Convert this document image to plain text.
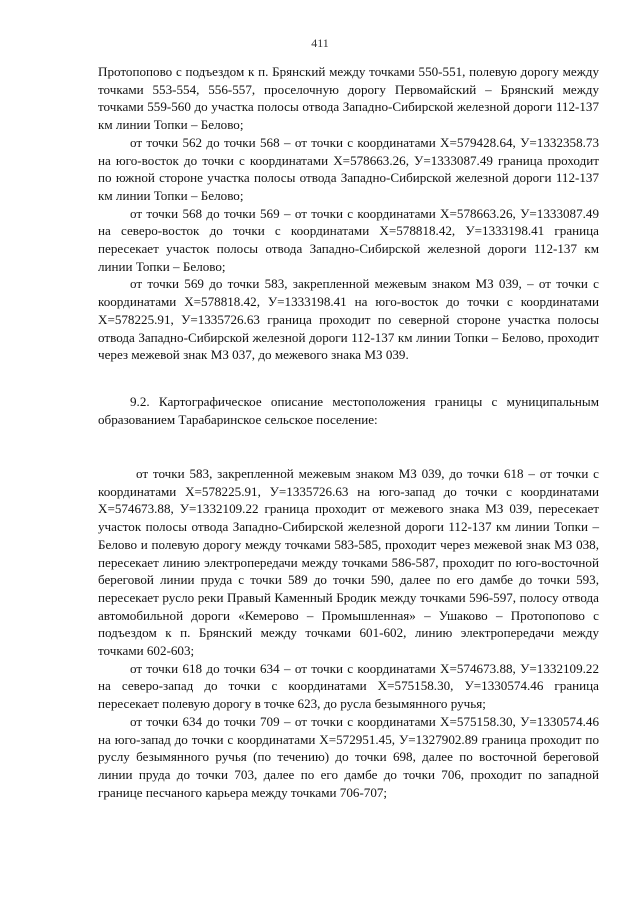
411

Протопопово с подъездом к п. Брянский между точками 550-551, полевую дорогу между точками 553-554, 556-557, проселочную дорогу Первомайский – Брянский между точками 559-560 до участка полосы отвода Западно-Сибирской железной дороги 112-137 км линии Топки – Белово;

от точки 562 до точки 568 – от точки с координатами Х=579428.64, У=1332358.73 на юго-восток до точки с координатами Х=578663.26, У=1333087.49 граница проходит по южной стороне участка полосы отвода Западно-Сибирской железной дороги 112-137 км линии Топки – Белово;

от точки 568 до точки 569 – от точки с координатами Х=578663.26, У=1333087.49 на северо-восток до точки с координатами Х=578818.42, У=1333198.41 граница пересекает участок полосы отвода Западно-Сибирской железной дороги 112-137 км линии Топки – Белово;

от точки 569 до точки 583, закрепленной межевым знаком МЗ 039, – от точки с координатами Х=578818.42, У=1333198.41 на юго-восток до точки с координатами Х=578225.91, У=1335726.63 граница проходит по северной стороне участка полосы отвода Западно-Сибирской железной дороги 112-137 км линии Топки – Белово, проходит через межевой знак МЗ 037, до межевого знака МЗ 039.

9.2. Картографическое описание местоположения границы с муниципальным образованием Тарабаринское сельское поселение:

от точки 583, закрепленной межевым знаком МЗ 039, до точки 618 – от точки с координатами Х=578225.91, У=1335726.63 на юго-запад до точки с координатами Х=574673.88, У=1332109.22 граница проходит от межевого знака МЗ 039, пересекает участок полосы отвода Западно-Сибирской железной дороги 112-137 км линии Топки – Белово и полевую дорогу между точками 583-585, проходит через межевой знак МЗ 038, пересекает линию электропередачи между точками 586-587, проходит по юго-восточной береговой линии пруда с точки 589 до точки 590, далее по его дамбе до точки 593, пересекает русло реки Правый Каменный Бродик между точками 596-597, полосу отвода автомобильной дороги «Кемерово – Промышленная» – Ушаково – Протопопово с подъездом к п. Брянский между точками 601-602, линию электропередачи между точками 602-603;

от точки 618 до точки 634 – от точки с координатами Х=574673.88, У=1332109.22 на северо-запад до точки с координатами Х=575158.30, У=1330574.46 граница пересекает полевую дорогу в точке 623, до русла безымянного ручья;

от точки 634 до точки 709 – от точки с координатами Х=575158.30, У=1330574.46 на юго-запад до точки с координатами Х=572951.45, У=1327902.89 граница проходит по руслу безымянного ручья (по течению) до точки 698, далее по восточной береговой линии пруда до точки 703, далее по его дамбе до точки 706, проходит по западной границе песчаного карьера между точками 706-707;
